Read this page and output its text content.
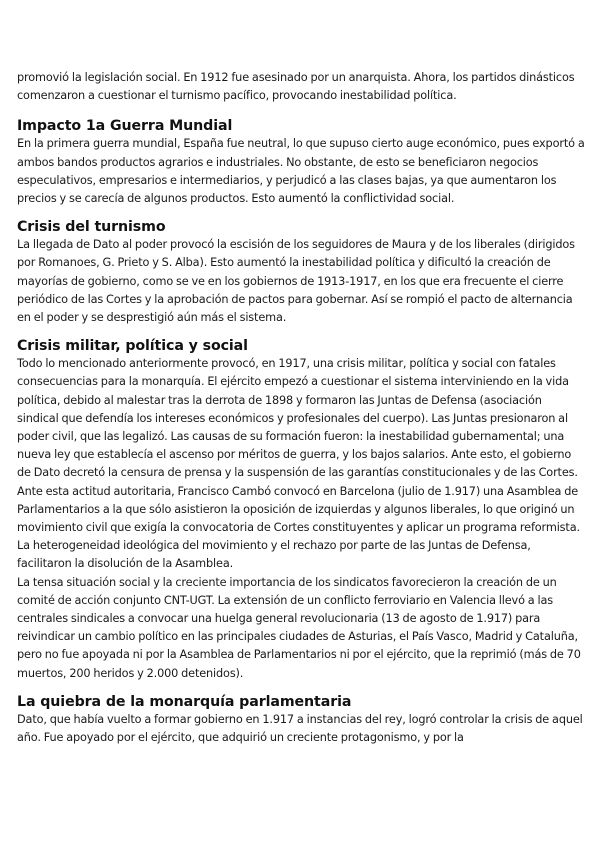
promovió la legislación social. En 1912 fue asesinado por un anarquista. Ahora, los partidos dinásticos comenzaron a cuestionar el turnismo pacífico, provocando inestabilidad política.

Impacto 1a Guerra Mundial

En la primera guerra mundial, España fue neutral, lo que supuso cierto auge económico, pues exportó a ambos bandos productos agrarios e industriales. No obstante, de esto se beneficiaron negocios especulativos, empresarios e intermediarios, y perjudicó a las clases bajas, ya que aumentaron los precios y se carecía de algunos productos. Esto aumentó la conflictividad social.

Crisis del turnismo

La llegada de Dato al poder provocó la escisión de los seguidores de Maura y de los liberales (dirigidos por Romanoes, G. Prieto y S. Alba). Esto aumentó la inestabilidad política y dificultó la creación de mayorías de gobierno, como se ve en los gobiernos de 1913-1917, en los que era frecuente el cierre periódico de las Cortes y la aprobación de pactos para gobernar. Así se rompió el pacto de alternancia en el poder y se desprestigió aún más el sistema.

Crisis militar, política y social

Todo lo mencionado anteriormente provocó, en 1917, una crisis militar, política y social con fatales consecuencias para la monarquía. El ejército empezó a cuestionar el sistema interviniendo en la vida política, debido al malestar tras la derrota de 1898 y formaron las Juntas de Defensa (asociación sindical que defendía los intereses económicos y profesionales del cuerpo). Las Juntas presionaron al poder civil, que las legalizó. Las causas de su formación fueron: la inestabilidad gubernamental; una nueva ley que establecía el ascenso por méritos de guerra, y los bajos salarios. Ante esto, el gobierno de Dato decretó la censura de prensa y la suspensión de las garantías constitucionales y de las Cortes. Ante esta actitud autoritaria, Francisco Cambó convocó en Barcelona (julio de 1.917) una Asamblea de Parlamentarios a la que sólo asistieron la oposición de izquierdas y algunos liberales, lo que originó un movimiento civil que exigía la convocatoria de Cortes constituyentes y aplicar un programa reformista. La heterogeneidad ideológica del movimiento y el rechazo por parte de las Juntas de Defensa, facilitaron la disolución de la Asamblea.

La tensa situación social y la creciente importancia de los sindicatos favorecieron la creación de un comité de acción conjunto CNT-UGT. La extensión de un conflicto ferroviario en Valencia llevó a las centrales sindicales a convocar una huelga general revolucionaria (13 de agosto de 1.917) para reivindicar un cambio político en las principales ciudades de Asturias, el País Vasco, Madrid y Cataluña, pero no fue apoyada ni por la Asamblea de Parlamentarios ni por el ejército, que la reprimió (más de 70 muertos, 200 heridos y 2.000 detenidos).

La quiebra de la monarquía parlamentaria

Dato, que había vuelto a formar gobierno en 1.917 a instancias del rey, logró controlar la crisis de aquel año. Fue apoyado por el ejército, que adquirió un creciente protagonismo, y por la
